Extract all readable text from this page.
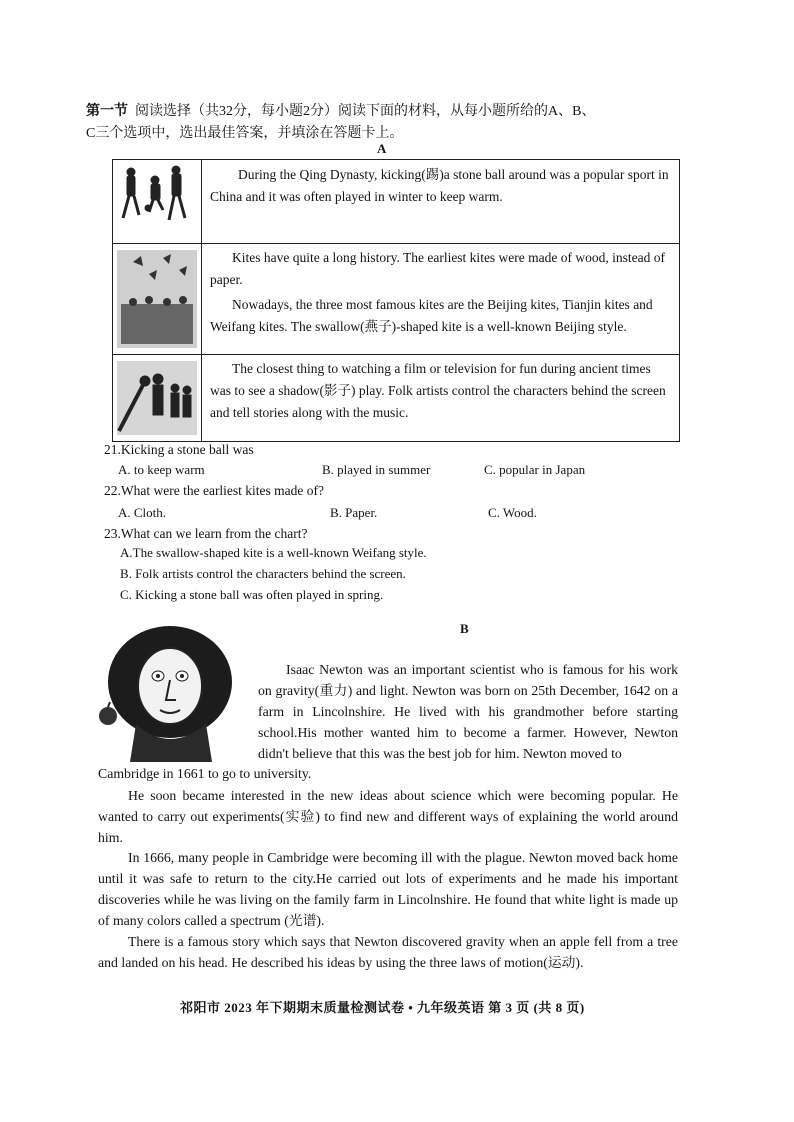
第一节 阅读选择（共32分，每小题2分）阅读下面的材料，从每小题所给的A、B、
C三个选项中，选出最佳答案，并填涂在答题卡上。
A

During the Qing Dynasty, kicking(踢)a stone ball around was a popular sport in China and it was often played in winter to keep warm.

Kites have quite a long history. The earliest kites were made of wood, instead of paper.

Nowadays, the three most famous kites are the Beijing kites, Tianjin kites and Weifang kites. The swallow(燕子)-shaped kite is a well-known Beijing style.

The closest thing to watching a film or television for fun during ancient times was to see a shadow(影子) play. Folk artists control the characters behind the screen and tell stories along with the music.

21.Kicking a stone ball was
A. to keep warm	B. played in summer	C. popular in Japan
22.What were the earliest kites made of?
A. Cloth.	B. Paper.	C. Wood.
23.What can we learn from the chart?
A.The swallow-shaped kite is a well-known Weifang style.
B. Folk artists control the characters behind the screen.
C. Kicking a stone ball was often played in spring.
B
Isaac Newton was an important scientist who is famous for his work on gravity(重力) and light. Newton was born on 25th December, 1642 on a farm in Lincolnshire. He lived with his grandmother before starting school.His mother wanted him to become a farmer. However, Newton didn't believe that this was the best job for him. Newton moved to
Cambridge in 1661 to go to university.
He soon became interested in the new ideas about science which were becoming popular. He wanted to carry out experiments(实验) to find new and different ways of explaining the world around him.
In 1666, many people in Cambridge were becoming ill with the plague. Newton moved back home until it was safe to return to the city.He carried out lots of experiments and he made his important discoveries while he was living on the family farm in Lincolnshire. He found that white light is made up of many colors called a spectrum (光谱).
There is a famous story which says that Newton discovered gravity when an apple fell from a tree and landed on his head. He described his ideas by using the three laws of motion(运动).
祁阳市 2023 年下期期末质量检测试卷 • 九年级英语 第 3 页 (共 8 页)
